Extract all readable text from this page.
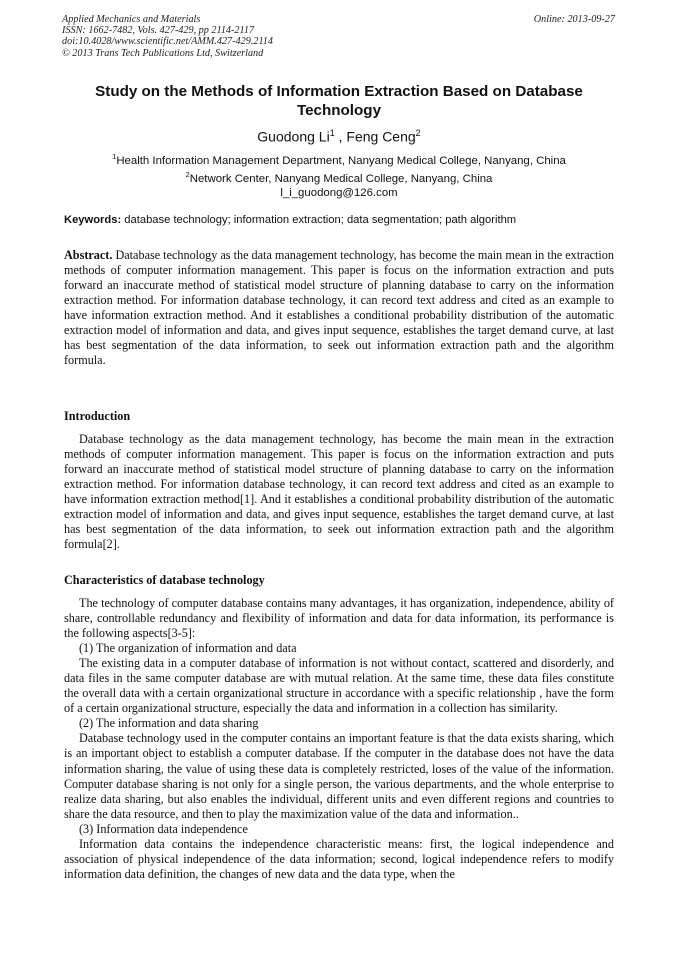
Applied Mechanics and Materials
ISSN: 1662-7482, Vols. 427-429, pp 2114-2117
doi:10.4028/www.scientific.net/AMM.427-429.2114
© 2013 Trans Tech Publications Ltd, Switzerland
Online: 2013-09-27
Study on the Methods of Information Extraction Based on Database Technology
Guodong Li$^1$ , Feng Ceng$^2$
$^1$Health Information Management Department, Nanyang Medical College, Nanyang, China
$^2$Network Center, Nanyang Medical College, Nanyang, China
l_i_guodong@126.com
Keywords: database technology; information extraction; data segmentation; path algorithm
Abstract. Database technology as the data management technology, has become the main mean in the extraction methods of computer information management. This paper is focus on the information extraction and puts forward an inaccurate method of statistical model structure of planning database to carry on the information extraction method. For information database technology, it can record text address and cited as an example to have information extraction method. And it establishes a conditional probability distribution of the automatic extraction model of information and data, and gives input sequence, establishes the target demand curve, at last has best segmentation of the data information, to seek out information extraction path and the algorithm formula.
Introduction

Database technology as the data management technology, has become the main mean in the extraction methods of computer information management. This paper is focus on the information extraction and puts forward an inaccurate method of statistical model structure of planning database to carry on the information extraction method. For information database technology, it can record text address and cited as an example to have information extraction method[1]. And it establishes a conditional probability distribution of the automatic extraction model of information and data, and gives input sequence, establishes the target demand curve, at last has best segmentation of the data information, to seek out information extraction path and the algorithm formula[2].

Characteristics of database technology

The technology of computer database contains many advantages, it has organization, independence, ability of share, controllable redundancy and flexibility of information and data for data information, its performance is the following aspects[3-5]:

(1) The organization of information and data

The existing data in a computer database of information is not without contact, scattered and disorderly, and data files in the same computer database are with mutual relation. At the same time, these data files constitute the overall data with a certain organizational structure in accordance with a specific relationship , have the form of a certain organizational structure, especially the data and information in a collection has similarity.

(2) The information and data sharing

Database technology used in the computer contains an important feature is that the data exists sharing, which is an important object to establish a computer database. If the computer in the database does not have the data information sharing, the value of using these data is completely restricted, loses of the value of the information. Computer database sharing is not only for a single person, the various departments, and the whole enterprise to realize data sharing, but also enables the individual, different units and even different regions and countries to share the data resource, and then to play the maximization value of the data and information..

(3) Information data independence

Information data contains the independence characteristic means: first, the logical independence and association of physical independence of the data information; second, logical independence refers to modify information data definition, the changes of new data and the data type, when the
